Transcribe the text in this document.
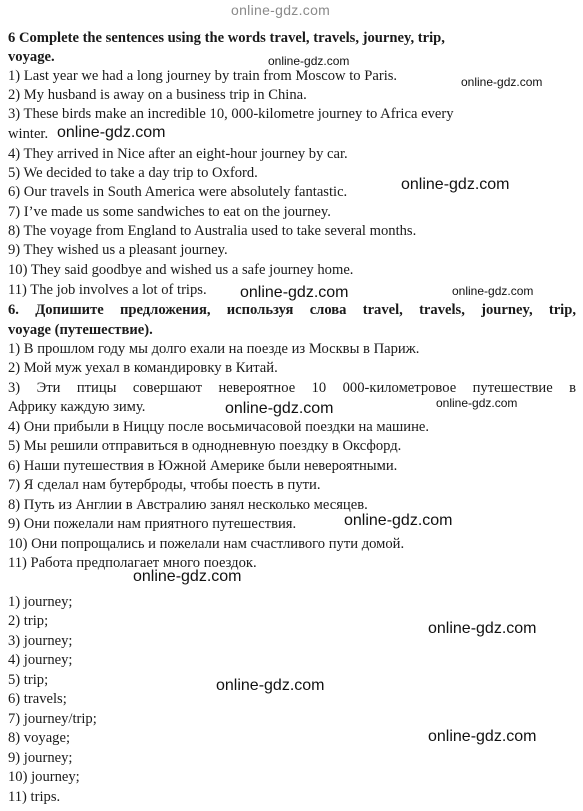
online-gdz.com
6 Complete the sentences using the words travel, travels, journey, trip,
voyage.
1) Last year we had a long journey by train from Moscow to Paris.
2) My husband is away on a business trip in China.
3) These birds make an incredible 10, 000-kilometre journey to Africa every
winter.
4) They arrived in Nice after an eight-hour journey by car.
5) We decided to take a day trip to Oxford.
6) Our travels in South America were absolutely fantastic.
7) I’ve made us some sandwiches to eat on the journey.
8) The voyage from England to Australia used to take several months.
9) They wished us a pleasant journey.
10) They said goodbye and wished us a safe journey home.
11) The job involves a lot of trips.
6. Допишите предложения, используя слова travel, travels, journey, trip,
voyage (путешествие).
1) В прошлом году мы долго ехали на поезде из Москвы в Париж.
2) Мой муж уехал в командировку в Китай.
3) Эти птицы совершают невероятное 10 000-километровое путешествие в
Африку каждую зиму.
4) Они прибыли в Ниццу после восьмичасовой поездки на машине.
5) Мы решили отправиться в однодневную поездку в Оксфорд.
6) Наши путешествия в Южной Америке были невероятными.
7) Я сделал нам бутерброды, чтобы поесть в пути.
8) Путь из Англии в Австралию занял несколько месяцев.
9) Они пожелали нам приятного путешествия.
10) Они попрощались и пожелали нам счастливого пути домой.
11) Работа предполагает много поездок.
1) journey;
2) trip;
3) journey;
4) journey;
5) trip;
6) travels;
7) journey/trip;
8) voyage;
9) journey;
10) journey;
11) trips.
online-gdz.com
online-gdz.com
online-gdz.com
online-gdz.com
online-gdz.com	online-gdz.com
online-gdz.com	online-gdz.com
online-gdz.com
online-gdz.com
online-gdz.com
online-gdz.com
online-gdz.com
